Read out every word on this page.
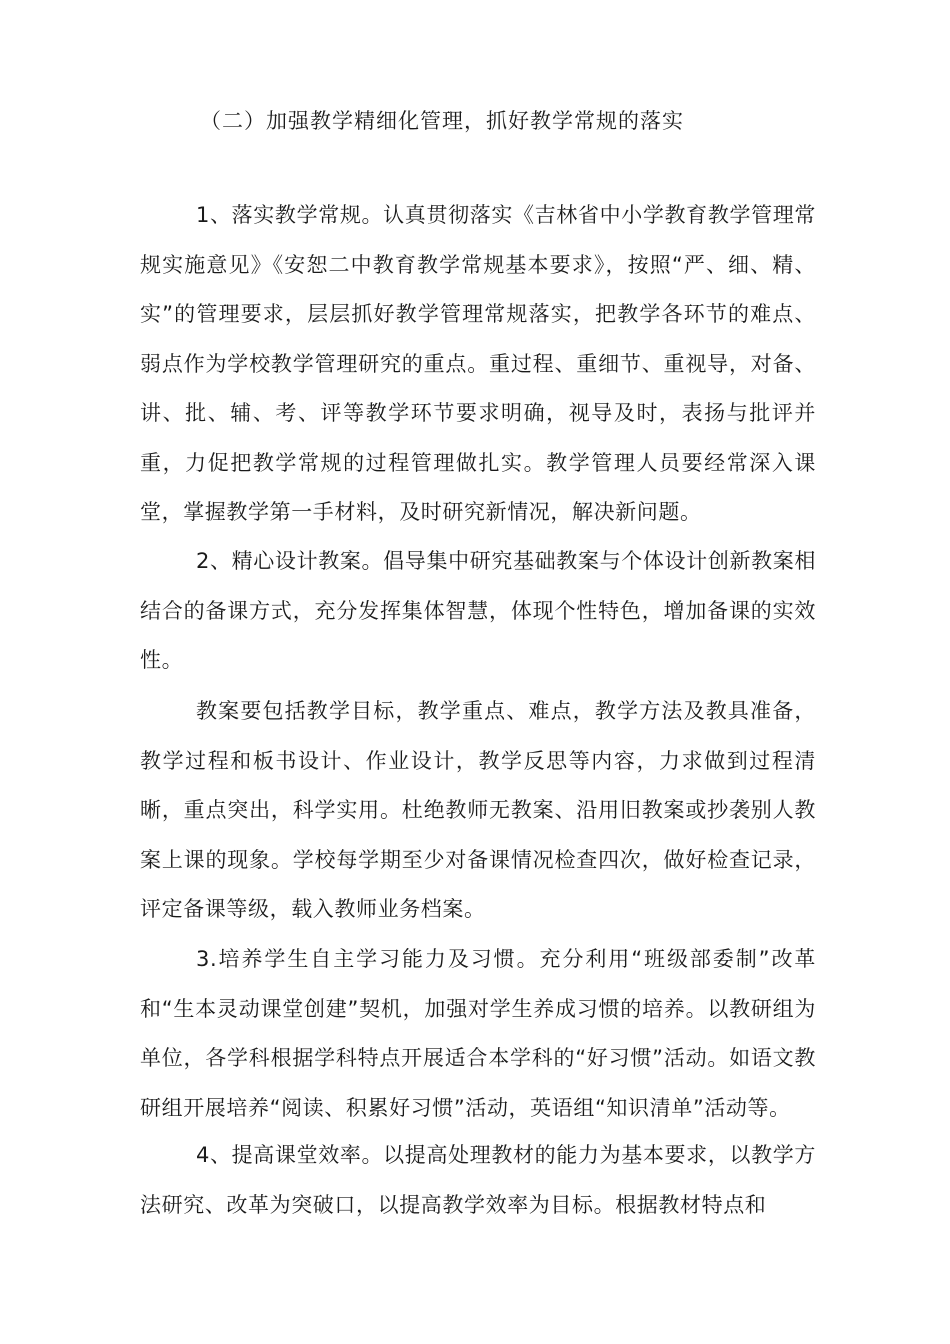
（二）加强教学精细化管理，抓好教学常规的落实

1、落实教学常规。认真贯彻落实《吉林省中小学教育教学管理常规实施意见》《安恕二中教育教学常规基本要求》，按照“严、细、精、实”的管理要求，层层抓好教学管理常规落实，把教学各环节的难点、弱点作为学校教学管理研究的重点。重过程、重细节、重视导，对备、讲、批、辅、考、评等教学环节要求明确，视导及时，表扬与批评并重，力促把教学常规的过程管理做扎实。教学管理人员要经常深入课堂，掌握教学第一手材料，及时研究新情况，解决新问题。

2、精心设计教案。倡导集中研究基础教案与个体设计创新教案相结合的备课方式，充分发挥集体智慧，体现个性特色，增加备课的实效性。

教案要包括教学目标，教学重点、难点，教学方法及教具准备，教学过程和板书设计、作业设计，教学反思等内容，力求做到过程清晰，重点突出，科学实用。杜绝教师无教案、沿用旧教案或抄袭别人教案上课的现象。学校每学期至少对备课情况检查四次，做好检查记录，评定备课等级，载入教师业务档案。

3.培养学生自主学习能力及习惯。充分利用“班级部委制”改革和“生本灵动课堂创建”契机，加强对学生养成习惯的培养。以教研组为单位，各学科根据学科特点开展适合本学科的“好习惯”活动。如语文教研组开展培养“阅读、积累好习惯”活动，英语组“知识清单”活动等。

4、提高课堂效率。以提高处理教材的能力为基本要求，以教学方法研究、改革为突破口，以提高教学效率为目标。根据教材特点和
